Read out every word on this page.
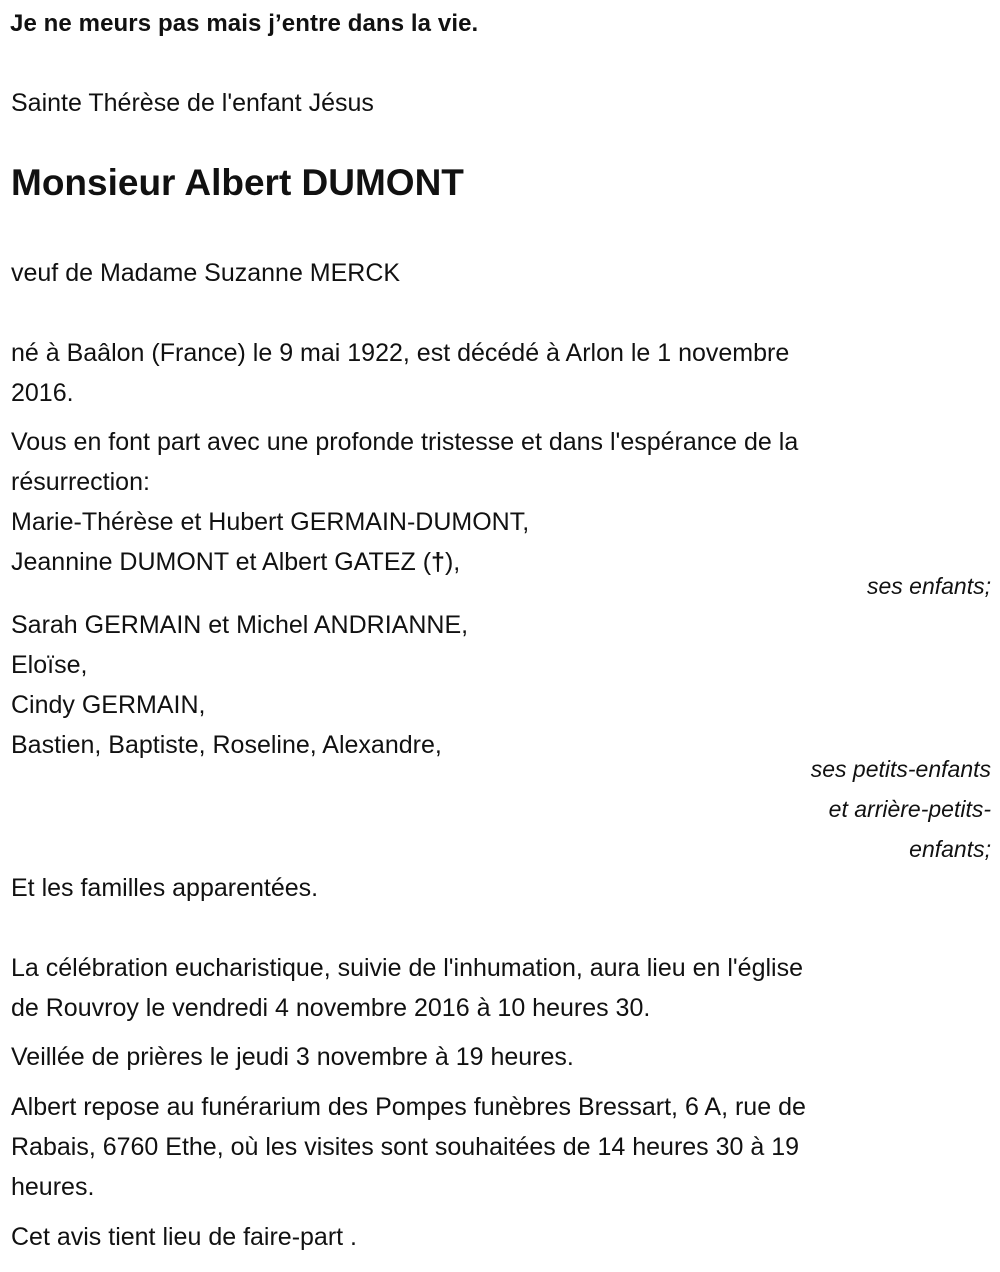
Je ne meurs pas mais j’entre dans la vie.

Sainte Thérèse de l'enfant Jésus

Monsieur Albert DUMONT

veuf de Madame Suzanne MERCK

né à Baâlon (France) le 9 mai 1922, est décédé à Arlon le 1 novembre

2016.

Vous en font part avec une profonde tristesse et dans l'espérance de la

résurrection:

Marie-Thérèse et Hubert GERMAIN-DUMONT,

Jeannine DUMONT et Albert GATEZ (†),

ses enfants;

Sarah GERMAIN et Michel ANDRIANNE,

Eloïse,

Cindy GERMAIN,

Bastien, Baptiste, Roseline, Alexandre,

ses petits-enfants
et arrière-petits-
enfants;

Et les familles apparentées.

La célébration eucharistique, suivie de l'inhumation, aura lieu en l'église

de Rouvroy le vendredi 4 novembre 2016 à 10 heures 30.

Veillée de prières le jeudi 3 novembre à 19 heures.

Albert repose au funérarium des Pompes funèbres Bressart, 6 A, rue de

Rabais, 6760 Ethe, où les visites sont souhaitées de 14 heures 30 à 19

heures.

Cet avis tient lieu de faire-part .
